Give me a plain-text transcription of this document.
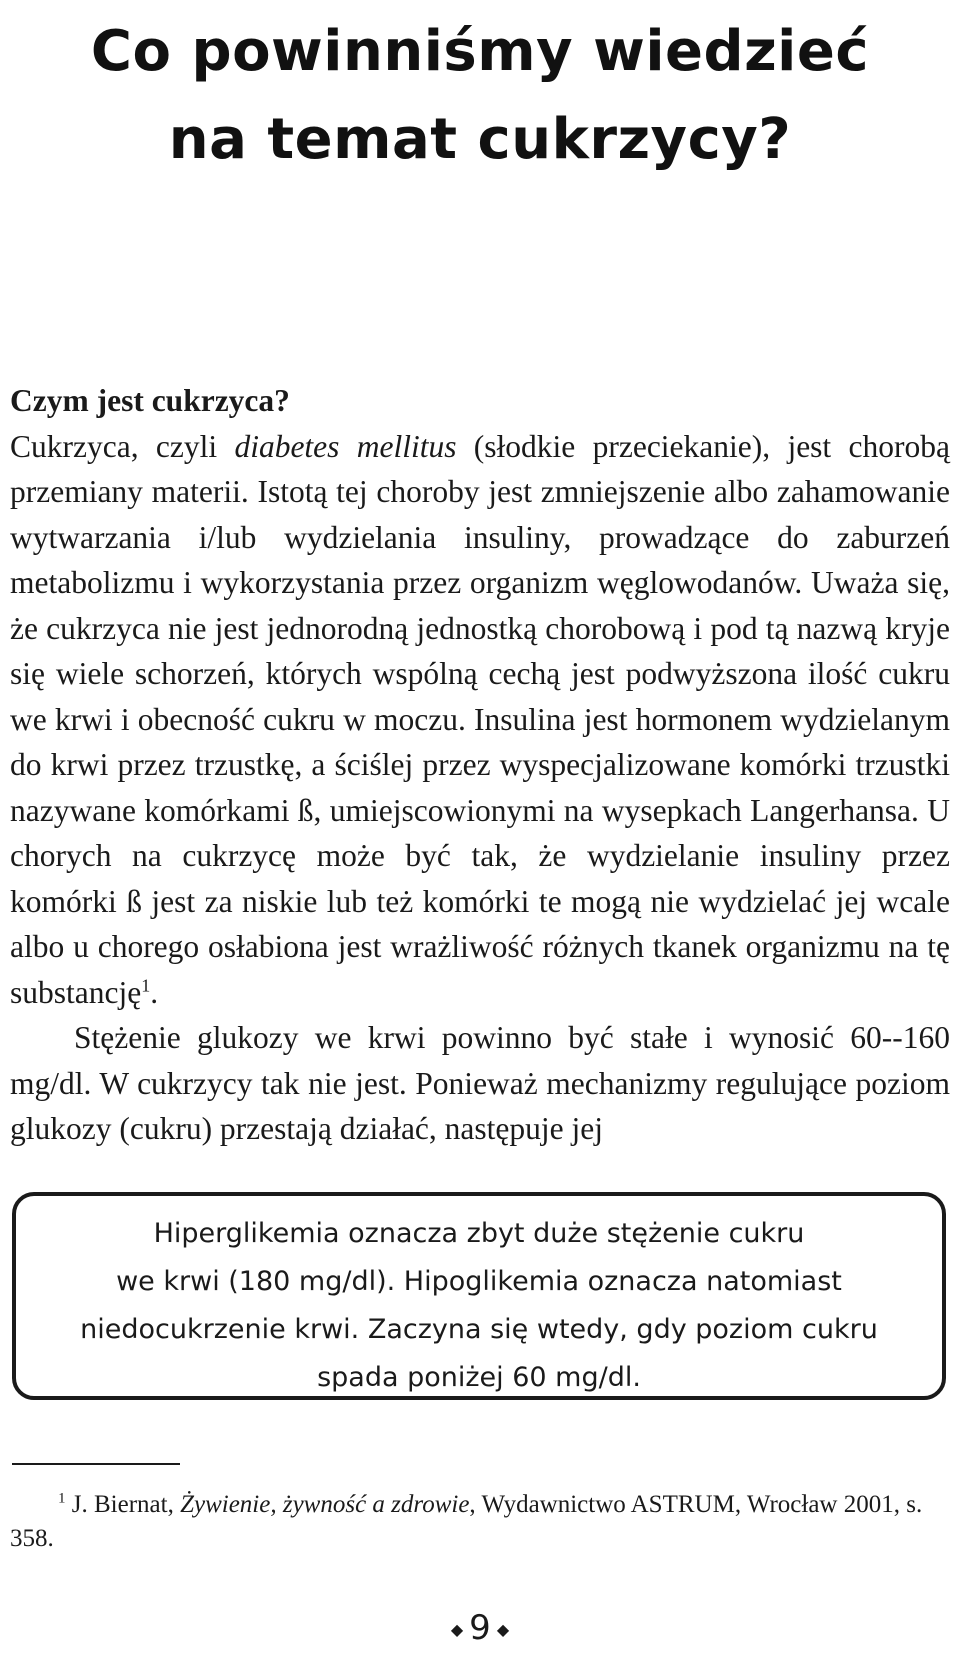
Co powinniśmy wiedzieć
na temat cukrzycy?

Czym jest cukrzyca?

Cukrzyca, czyli diabetes mellitus (słodkie przeciekanie), jest chorobą przemiany materii. Istotą tej choroby jest zmniejszenie albo zahamowanie wytwarzania i/lub wydzielania insuliny, prowadzące do zaburzeń metabolizmu i wykorzystania przez organizm węglowodanów. Uważa się, że cukrzyca nie jest jednorodną jednostką chorobową i pod tą nazwą kryje się wiele schorzeń, których wspólną cechą jest podwyższona ilość cukru we krwi i obecność cukru w moczu. Insulina jest hormonem wydzielanym do krwi przez trzustkę, a ściślej przez wyspecjalizowane komórki trzustki nazywane komórkami ß, umiejscowionymi na wysepkach Langerhansa. U chorych na cukrzycę może być tak, że wydzielanie insuliny przez komórki ß jest za niskie lub też komórki te mogą nie wydzielać jej wcale albo u chorego osłabiona jest wrażliwość różnych tkanek organizmu na tę substancję$^1$.

Stężenie glukozy we krwi powinno być stałe i wynosić 60--160 mg/dl. W cukrzycy tak nie jest. Ponieważ mechanizmy regulujące poziom glukozy (cukru) przestają działać, następuje jej

Hiperglikemia oznacza zbyt duże stężenie cukru
we krwi (180 mg/dl). Hipoglikemia oznacza natomiast
niedocukrzenie krwi. Zaczyna się wtedy, gdy poziom cukru
spada poniżej 60 mg/dl.
$^1$ J. Biernat, Żywienie, żywność a zdrowie, Wydawnictwo ASTRUM, Wrocław 2001, s. 358.
◆ 9 ◆
